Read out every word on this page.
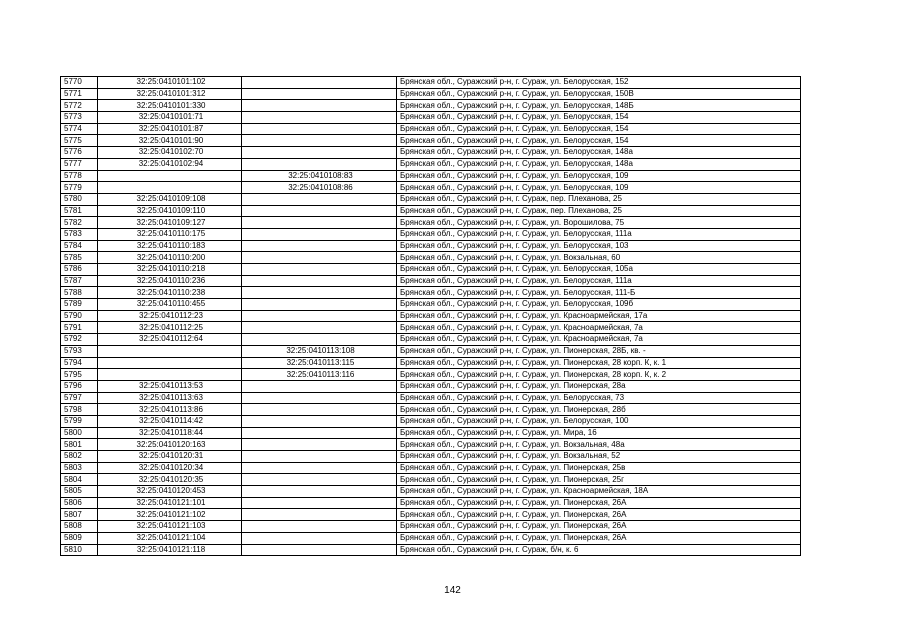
5770	32:25:0410101:102		Брянская обл., Суражский р-н, г. Сураж, ул. Белорусская, 152
5771	32:25:0410101:312		Брянская обл., Суражский р-н, г. Сураж, ул. Белорусская, 150В
5772	32:25:0410101:330		Брянская обл., Суражский р-н, г. Сураж, ул. Белорусская, 148Б
5773	32:25:0410101:71		Брянская обл., Суражский р-н, г. Сураж, ул. Белорусская, 154
5774	32:25:0410101:87		Брянская обл., Суражский р-н, г. Сураж, ул. Белорусская, 154
5775	32:25:0410101:90		Брянская обл., Суражский р-н, г. Сураж, ул. Белорусская, 154
5776	32:25:0410102:70		Брянская обл., Суражский р-н, г. Сураж, ул. Белорусская, 148а
5777	32:25:0410102:94		Брянская обл., Суражский р-н, г. Сураж, ул. Белорусская, 148а
5778		32:25:0410108:83	Брянская обл., Суражский р-н, г. Сураж, ул. Белорусская, 109
5779		32:25:0410108:86	Брянская обл., Суражский р-н, г. Сураж, ул. Белорусская, 109
5780	32:25:0410109:108		Брянская обл., Суражский р-н, г. Сураж, пер. Плеханова, 25
5781	32:25:0410109:110		Брянская обл., Суражский р-н, г. Сураж, пер. Плеханова, 25
5782	32:25:0410109:127		Брянская обл., Суражский р-н, г. Сураж, ул. Ворошилова, 75
5783	32:25:0410110:175		Брянская обл., Суражский р-н, г. Сураж, ул. Белорусская, 111а
5784	32:25:0410110:183		Брянская обл., Суражский р-н, г. Сураж, ул. Белорусская, 103
5785	32:25:0410110:200		Брянская обл., Суражский р-н, г. Сураж, ул. Вокзальная, 60
5786	32:25:0410110:218		Брянская обл., Суражский р-н, г. Сураж, ул. Белорусская, 105а
5787	32:25:0410110:236		Брянская обл., Суражский р-н, г. Сураж, ул. Белорусская, 111а
5788	32:25:0410110:238		Брянская обл., Суражский р-н, г. Сураж, ул. Белорусская, 111-Б
5789	32:25:0410110:455		Брянская обл., Суражский р-н, г. Сураж, ул. Белорусская, 109б
5790	32:25:0410112:23		Брянская обл., Суражский р-н, г. Сураж, ул. Красноармейская, 17а
5791	32:25:0410112:25		Брянская обл., Суражский р-н, г. Сураж, ул. Красноармейская, 7а
5792	32:25:0410112:64		Брянская обл., Суражский р-н, г. Сураж, ул. Красноармейская, 7а
5793		32:25:0410113:108	Брянская обл., Суражский р-н, г. Сураж, ул. Пионерская, 28Б, кв. -
5794		32:25:0410113:115	Брянская обл., Суражский р-н, г. Сураж, ул. Пионерская, 28 корп. К, к. 1
5795		32:25:0410113:116	Брянская обл., Суражский р-н, г. Сураж, ул. Пионерская, 28 корп. К, к. 2
5796	32:25:0410113:53		Брянская обл., Суражский р-н, г. Сураж, ул. Пионерская, 28а
5797	32:25:0410113:63		Брянская обл., Суражский р-н, г. Сураж, ул. Белорусская, 73
5798	32:25:0410113:86		Брянская обл., Суражский р-н, г. Сураж, ул. Пионерская, 28б
5799	32:25:0410114:42		Брянская обл., Суражский р-н, г. Сураж, ул. Белорусская, 100
5800	32:25:0410118:44		Брянская обл., Суражский р-н, г. Сураж, ул. Мира, 16
5801	32:25:0410120:163		Брянская обл., Суражский р-н, г. Сураж, ул. Вокзальная, 48а
5802	32:25:0410120:31		Брянская обл., Суражский р-н, г. Сураж, ул. Вокзальная, 52
5803	32:25:0410120:34		Брянская обл., Суражский р-н, г. Сураж, ул. Пионерская, 25в
5804	32:25:0410120:35		Брянская обл., Суражский р-н, г. Сураж, ул. Пионерская, 25г
5805	32:25:0410120:453		Брянская обл., Суражский р-н, г. Сураж, ул. Красноармейская, 18А
5806	32:25:0410121:101		Брянская обл., Суражский р-н, г. Сураж, ул. Пионерская, 26А
5807	32:25:0410121:102		Брянская обл., Суражский р-н, г. Сураж, ул. Пионерская, 26А
5808	32:25:0410121:103		Брянская обл., Суражский р-н, г. Сураж, ул. Пионерская, 26А
5809	32:25:0410121:104		Брянская обл., Суражский р-н, г. Сураж, ул. Пионерская, 26А
5810	32:25:0410121:118		Брянская обл., Суражский р-н, г. Сураж, б/н, к. 6
142
